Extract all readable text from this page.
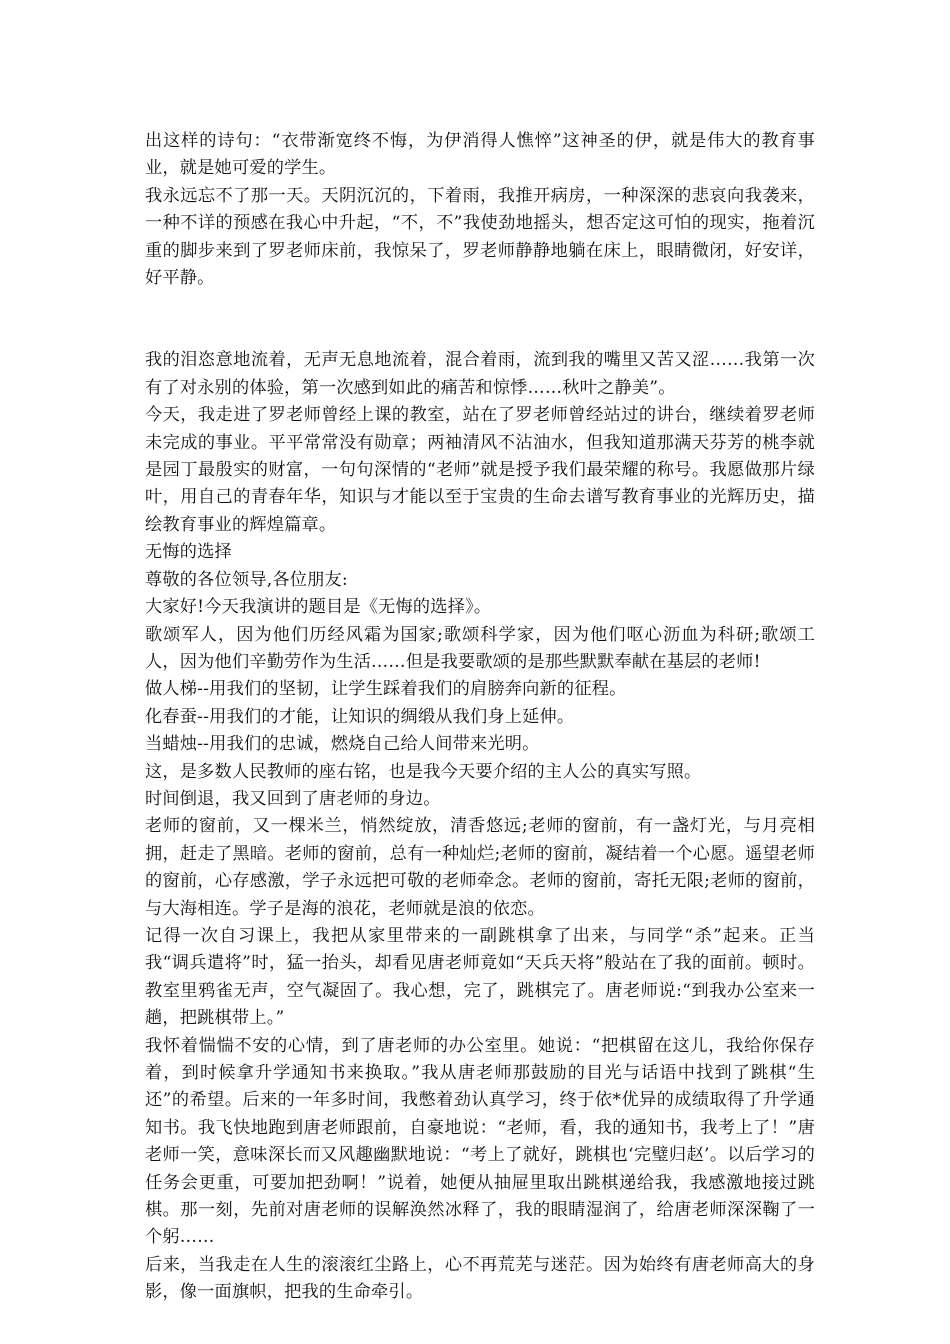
出这样的诗句：“衣带渐宽终不悔，为伊消得人憔悴”这神圣的伊，就是伟大的教育事业，就是她可爱的学生。

我永远忘不了那一天。天阴沉沉的，下着雨，我推开病房，一种深深的悲哀向我袭来，一种不详的预感在我心中升起，“不，不”我使劲地摇头，想否定这可怕的现实，拖着沉重的脚步来到了罗老师床前，我惊呆了，罗老师静静地躺在床上，眼睛微闭，好安详，好平静。

我的泪恣意地流着，无声无息地流着，混合着雨，流到我的嘴里又苦又涩……我第一次有了对永别的体验，第一次感到如此的痛苦和惊悸……秋叶之静美”。

今天，我走进了罗老师曾经上课的教室，站在了罗老师曾经站过的讲台，继续着罗老师未完成的事业。平平常常没有勋章；两袖清风不沾油水，但我知道那满天芬芳的桃李就是园丁最殷实的财富，一句句深情的“老师”就是授予我们最荣耀的称号。我愿做那片绿叶，用自己的青春年华，知识与才能以至于宝贵的生命去谱写教育事业的光辉历史，描绘教育事业的辉煌篇章。

无悔的选择

尊敬的各位领导,各位朋友:

大家好!今天我演讲的题目是《无悔的选择》。

歌颂军人，因为他们历经风霜为国家;歌颂科学家，因为他们呕心沥血为科研;歌颂工人，因为他们辛勤劳作为生活……但是我要歌颂的是那些默默奉献在基层的老师!

做人梯--用我们的坚韧，让学生踩着我们的肩膀奔向新的征程。

化春蚕--用我们的才能，让知识的绸缎从我们身上延伸。

当蜡烛--用我们的忠诚，燃烧自己给人间带来光明。

这，是多数人民教师的座右铭，也是我今天要介绍的主人公的真实写照。

时间倒退，我又回到了唐老师的身边。

老师的窗前，又一棵米兰，悄然绽放，清香悠远;老师的窗前，有一盏灯光，与月亮相拥，赶走了黑暗。老师的窗前，总有一种灿烂;老师的窗前，凝结着一个心愿。遥望老师的窗前，心存感激，学子永远把可敬的老师牵念。老师的窗前，寄托无限;老师的窗前，与大海相连。学子是海的浪花，老师就是浪的依恋。

记得一次自习课上，我把从家里带来的一副跳棋拿了出来，与同学“杀”起来。正当我“调兵遣将”时，猛一抬头，却看见唐老师竟如“天兵天将”般站在了我的面前。顿时。教室里鸦雀无声，空气凝固了。我心想，完了，跳棋完了。唐老师说:“到我办公室来一趟，把跳棋带上。”

我怀着惴惴不安的心情，到了唐老师的办公室里。她说：“把棋留在这儿，我给你保存着，到时候拿升学通知书来换取。”我从唐老师那鼓励的目光与话语中找到了跳棋“生还”的希望。后来的一年多时间，我憋着劲认真学习，终于依*优异的成绩取得了升学通知书。我飞快地跑到唐老师跟前，自豪地说：“老师，看，我的通知书，我考上了！”唐老师一笑，意味深长而又风趣幽默地说：“考上了就好，跳棋也‘完璧归赵’。以后学习的任务会更重，可要加把劲啊！”说着，她便从抽屉里取出跳棋递给我，我感激地接过跳棋。那一刻，先前对唐老师的误解涣然冰释了，我的眼睛湿润了，给唐老师深深鞠了一个躬……

后来，当我走在人生的滚滚红尘路上，心不再荒芜与迷茫。因为始终有唐老师高大的身影，像一面旗帜，把我的生命牵引。
